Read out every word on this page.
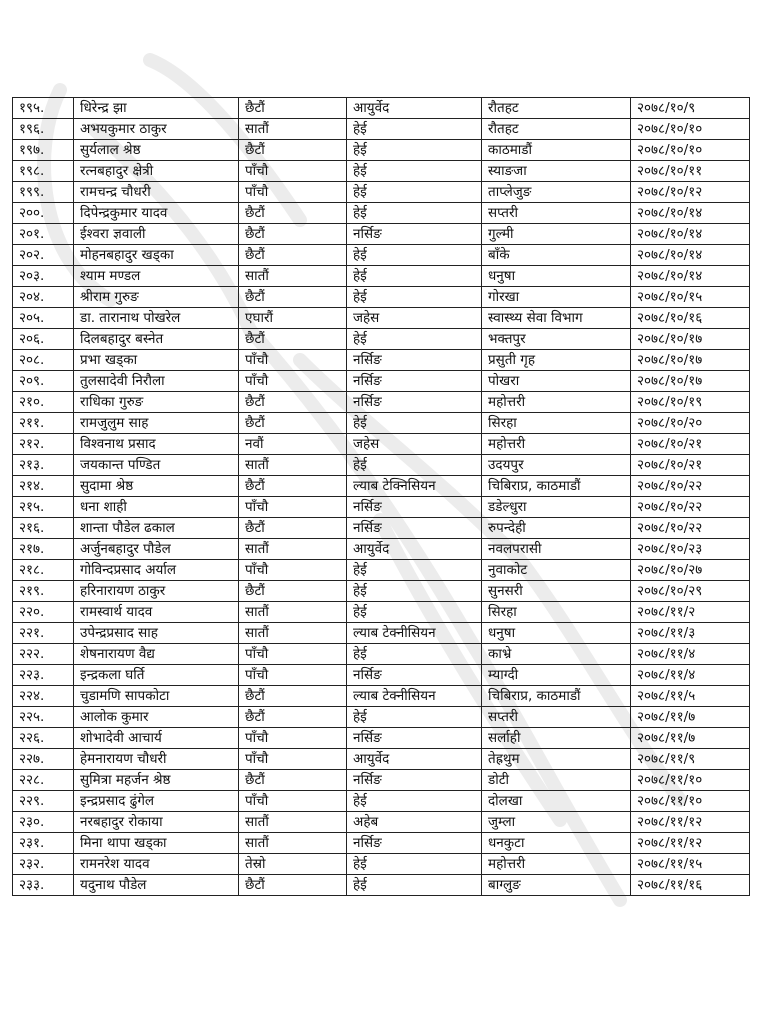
१९५.	धिरेन्द्र झा	छैटौं	आयुर्वेद	रौतहट	२०७८/१०/९
१९६.	अभयकुमार ठाकुर	सातौं	हेई	रौतहट	२०७८/१०/१०
१९७.	सुर्यलाल श्रेष्ठ	छैटौं	हेई	काठमाडौं	२०७८/१०/१०
१९८.	रत्नबहादुर क्षेत्री	पाँचौ	हेई	स्याङजा	२०७८/१०/११
१९९.	रामचन्द्र चौधरी	पाँचौ	हेई	ताप्लेजुङ	२०७८/१०/१२
२००.	दिपेन्द्रकुमार यादव	छैटौं	हेई	सप्तरी	२०७८/१०/१४
२०१.	ईश्वरा ज्ञवाली	छैटौं	नर्सिङ	गुल्मी	२०७८/१०/१४
२०२.	मोहनबहादुर खड्का	छैटौं	हेई	बाँके	२०७८/१०/१४
२०३.	श्याम मण्डल	सातौं	हेई	धनुषा	२०७८/१०/१४
२०४.	श्रीराम गुरुङ	छैटौं	हेई	गोरखा	२०७८/१०/१५
२०५.	डा. तारानाथ पोखरेल	एघारौं	जहेस	स्वास्थ्य सेवा विभाग	२०७८/१०/१६
२०६.	दिलबहादुर बस्नेत	छैटौं	हेई	भक्तपुर	२०७८/१०/१७
२०८.	प्रभा खड्का	पाँचौ	नर्सिङ	प्रसुती गृह	२०७८/१०/१७
२०९.	तुलसादेवी निरौला	पाँचौ	नर्सिङ	पोखरा	२०७८/१०/१७
२१०.	राधिका गुरुङ	छैटौं	नर्सिङ	महोत्तरी	२०७८/१०/१९
२११.	रामजुलुम साह	छैटौं	हेई	सिरहा	२०७८/१०/२०
२१२.	विश्वनाथ प्रसाद	नवौं	जहेस	महोत्तरी	२०७८/१०/२१
२१३.	जयकान्त पण्डित	सातौं	हेई	उदयपुर	२०७८/१०/२१
२१४.	सुदामा श्रेष्ठ	छैटौं	ल्याब टेक्निसियन	चिबिराप्र, काठमाडौं	२०७८/१०/२२
२१५.	धना शाही	पाँचौ	नर्सिङ	डडेल्धुरा	२०७८/१०/२२
२१६.	शान्ता पौडेल ढकाल	छैटौं	नर्सिङ	रुपन्देही	२०७८/१०/२२
२१७.	अर्जुनबहादुर पौडेल	सातौं	आयुर्वेद	नवलपरासी	२०७८/१०/२३
२१८.	गोविन्दप्रसाद अर्याल	पाँचौ	हेई	नुवाकोट	२०७८/१०/२७
२१९.	हरिनारायण ठाकुर	छैटौं	हेई	सुनसरी	२०७८/१०/२९
२२०.	रामस्वार्थ यादव	सातौं	हेई	सिरहा	२०७८/११/२
२२१.	उपेन्द्रप्रसाद साह	सातौं	ल्याब टेक्नीसियन	धनुषा	२०७८/११/३
२२२.	शेषनारायण वैद्य	पाँचौ	हेई	काभ्रे	२०७८/११/४
२२३.	इन्द्रकला घर्ति	पाँचौ	नर्सिङ	म्याग्दी	२०७८/११/४
२२४.	चुडामणि सापकोटा	छैटौं	ल्याब टेक्नीसियन	चिबिराप्र, काठमाडौं	२०७८/११/५
२२५.	आलोक कुमार	छैटौं	हेई	सप्तरी	२०७८/११/७
२२६.	शोभादेवी आचार्य	पाँचौ	नर्सिङ	सर्लाही	२०७८/११/७
२२७.	हेमनारायण चौधरी	पाँचौ	आयुर्वेद	तेह्रथुम	२०७८/११/९
२२८.	सुमित्रा महर्जन श्रेष्ठ	छैटौं	नर्सिङ	डोटी	२०७८/११/१०
२२९.	इन्द्रप्रसाद ढुंगेल	पाँचौ	हेई	दोलखा	२०७८/११/१०
२३०.	नरबहादुर रोकाया	सातौं	अहेब	जुम्ला	२०७८/११/१२
२३१.	मिना थापा खड्का	सातौं	नर्सिङ	धनकुटा	२०७८/११/१२
२३२.	रामनरेश यादव	तेस्रो	हेई	महोत्तरी	२०७८/११/१५
२३३.	यदुनाथ पौडेल	छैटौं	हेई	बाग्लुङ	२०७८/११/१६
